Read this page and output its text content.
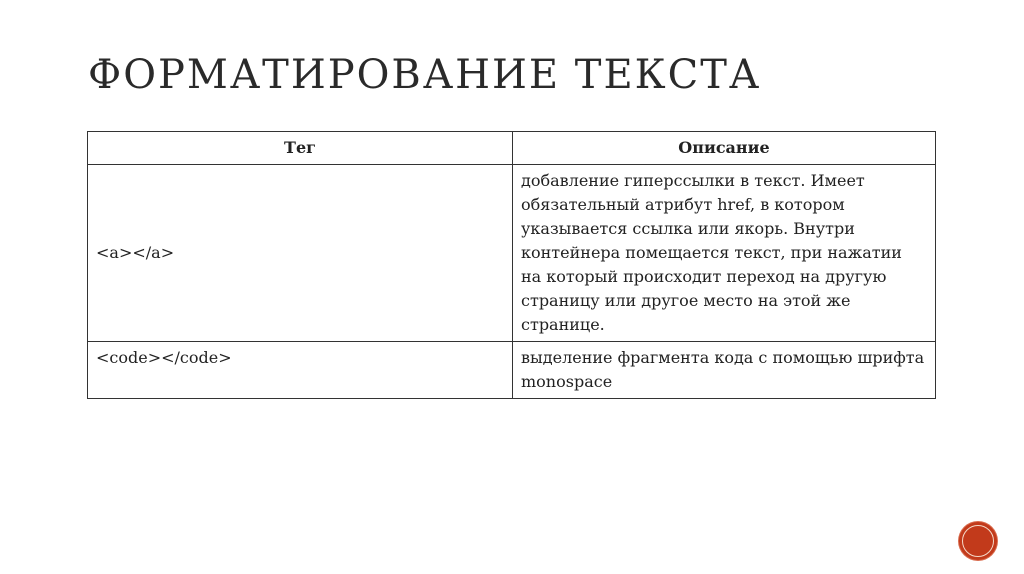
ФОРМАТИРОВАНИЕ ТЕКСТА
Тег	Описание
<a></a>	добавление гиперссылки в текст. Имеет обязательный атрибут href, в котором указывается ссылка или якорь. Внутри контейнера помещается текст, при нажатии на который происходит переход на другую страницу или другое место на этой же странице.
<code></code>	выделение фрагмента кода с помощью шрифта monospace
